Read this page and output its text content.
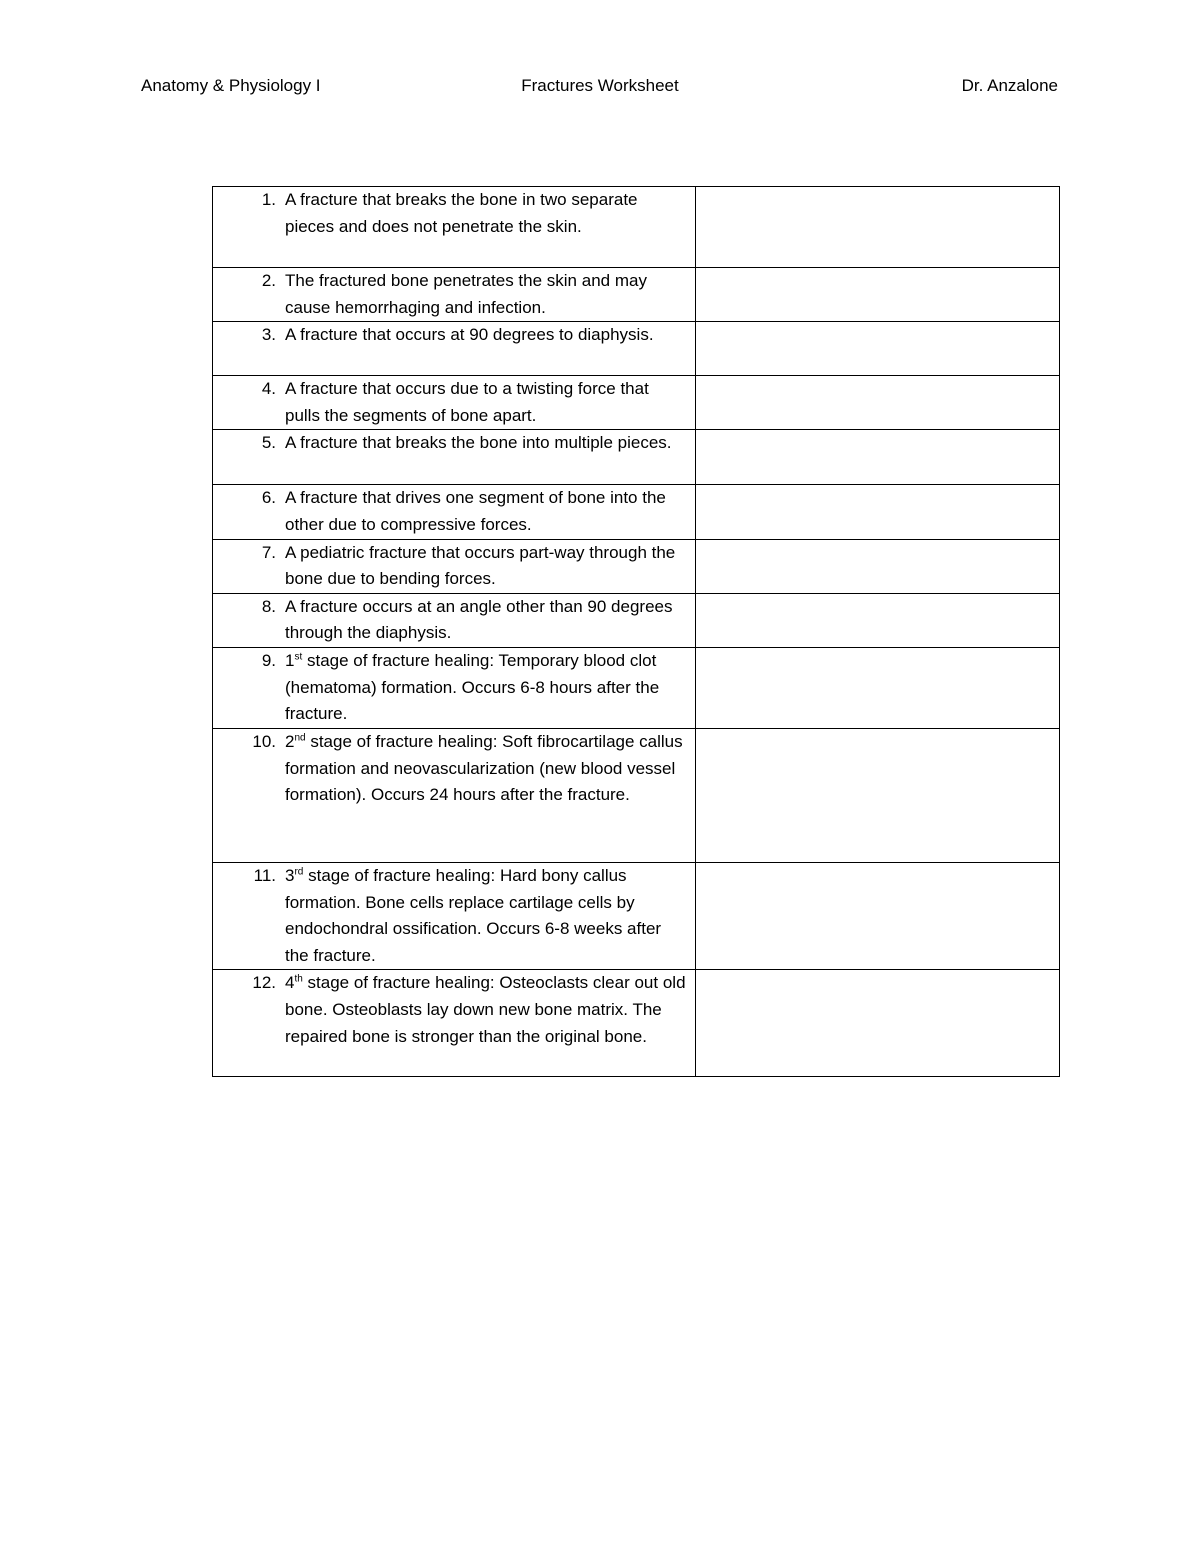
Anatomy & Physiology I	Fractures Worksheet	Dr. Anzalone
1. A fracture that breaks the bone in two separate pieces and does not penetrate the skin.	

2. The fractured bone penetrates the skin and may cause hemorrhaging and infection.	

3. A fracture that occurs at 90 degrees to diaphysis.	

4. A fracture that occurs due to a twisting force that pulls the segments of bone apart.	

5. A fracture that breaks the bone into multiple pieces.	

6. A fracture that drives one segment of bone into the other due to compressive forces.	

7. A pediatric fracture that occurs part-way through the bone due to bending forces.	

8. A fracture occurs at an angle other than 90 degrees through the diaphysis.	

9. 1st stage of fracture healing: Temporary blood clot (hematoma) formation. Occurs 6-8 hours after the fracture.	

10. 2nd stage of fracture healing: Soft fibrocartilage callus formation and neovascularization (new blood vessel formation). Occurs 24 hours after the fracture.	

11. 3rd stage of fracture healing: Hard bony callus formation. Bone cells replace cartilage cells by endochondral ossification. Occurs 6-8 weeks after the fracture.	

12. 4th stage of fracture healing: Osteoclasts clear out old bone. Osteoblasts lay down new bone matrix. The repaired bone is stronger than the original bone.	
